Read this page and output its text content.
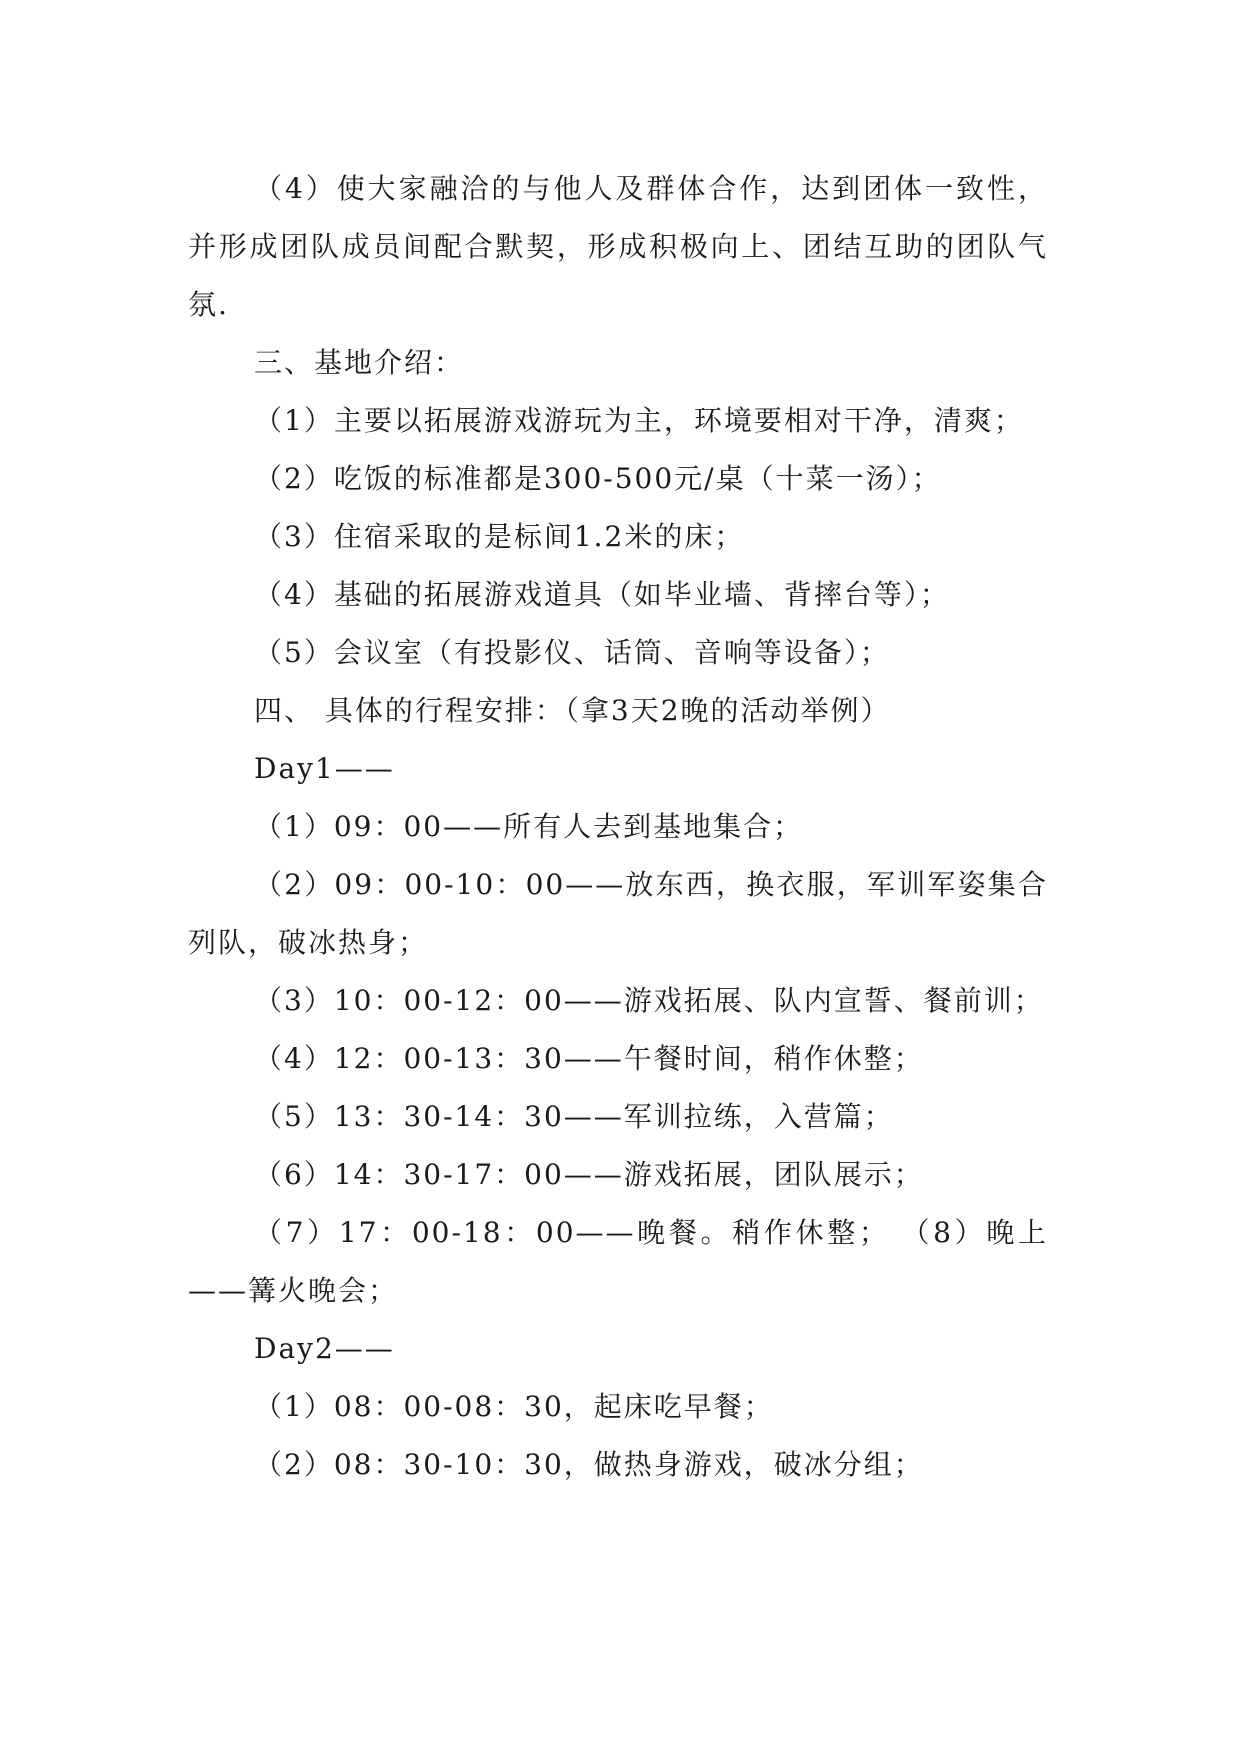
（4）使大家融洽的与他人及群体合作，达到团体一致性，并形成团队成员间配合默契，形成积极向上、团结互助的团队气氛.

三、基地介绍：

（1）主要以拓展游戏游玩为主，环境要相对干净，清爽；

（2）吃饭的标准都是300-500元/桌（十菜一汤）；

（3）住宿采取的是标间1.2米的床；

（4）基础的拓展游戏道具（如毕业墙、背摔台等）；

（5）会议室（有投影仪、话筒、音响等设备）；

四、 具体的行程安排：（拿3天2晚的活动举例）

Day1——

（1）09：00——所有人去到基地集合；

（2）09：00-10：00——放东西，换衣服，军训军姿集合列队，破冰热身；

（3）10：00-12：00——游戏拓展、队内宣誓、餐前训；

（4）12：00-13：30——午餐时间，稍作休整；

（5）13：30-14：30——军训拉练，入营篇；

（6）14：30-17：00——游戏拓展，团队展示；

（7）17：00-18：00——晚餐。稍作休整； （8）晚上——篝火晚会；

Day2——

（1）08：00-08：30，起床吃早餐；

（2）08：30-10：30，做热身游戏，破冰分组；
